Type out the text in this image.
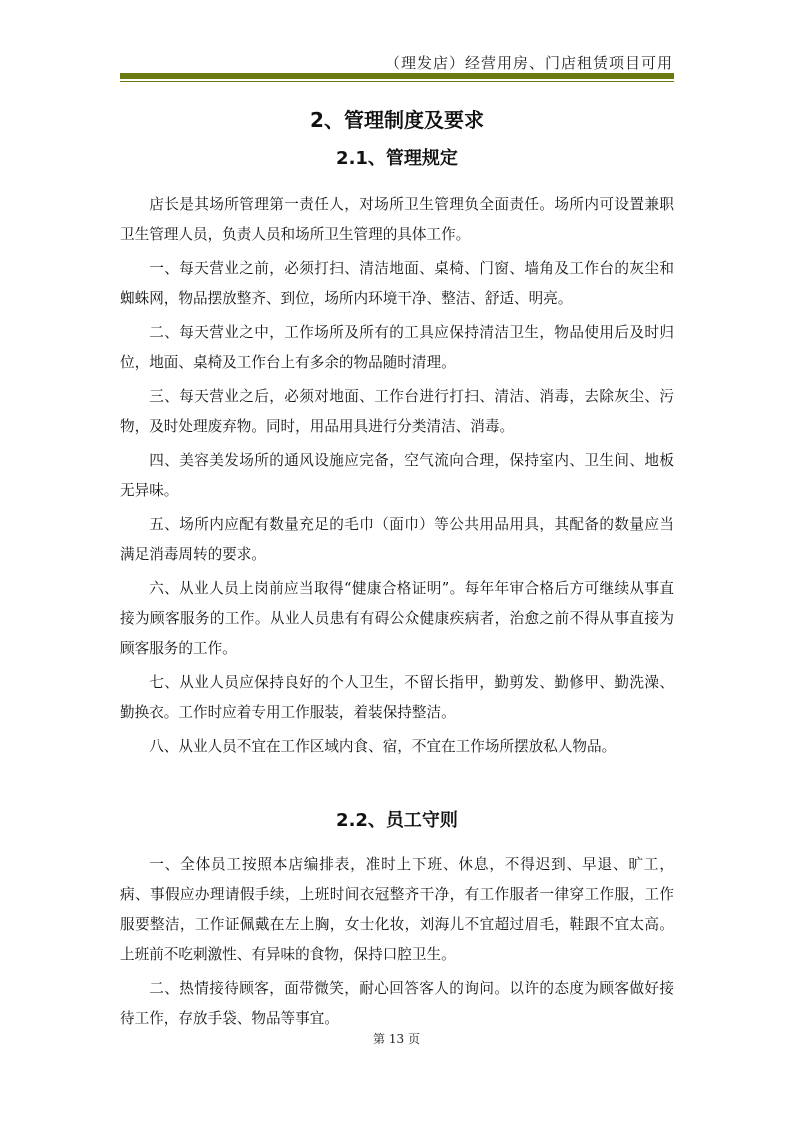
（理发店）经营用房、门店租赁项目可用
2、管理制度及要求
2.1、管理规定

店长是其场所管理第一责任人，对场所卫生管理负全面责任。场所内可设置兼职卫生管理人员，负责人员和场所卫生管理的具体工作。

一、每天营业之前，必须打扫、清洁地面、桌椅、门窗、墙角及工作台的灰尘和蜘蛛网，物品摆放整齐、到位，场所内环境干净、整洁、舒适、明亮。

二、每天营业之中，工作场所及所有的工具应保持清洁卫生，物品使用后及时归位，地面、桌椅及工作台上有多余的物品随时清理。

三、每天营业之后，必须对地面、工作台进行打扫、清洁、消毒，去除灰尘、污物，及时处理废弃物。同时，用品用具进行分类清洁、消毒。

四、美容美发场所的通风设施应完备，空气流向合理，保持室内、卫生间、地板无异味。

五、场所内应配有数量充足的毛巾（面巾）等公共用品用具，其配备的数量应当满足消毒周转的要求。

六、从业人员上岗前应当取得“健康合格证明”。每年年审合格后方可继续从事直接为顾客服务的工作。从业人员患有有碍公众健康疾病者，治愈之前不得从事直接为顾客服务的工作。

七、从业人员应保持良好的个人卫生，不留长指甲，勤剪发、勤修甲、勤洗澡、勤换衣。工作时应着专用工作服装，着装保持整洁。

八、从业人员不宜在工作区域内食、宿，不宜在工作场所摆放私人物品。

2.2、员工守则

一、全体员工按照本店编排表，准时上下班、休息，不得迟到、早退、旷工，病、事假应办理请假手续，上班时间衣冠整齐干净，有工作服者一律穿工作服，工作服要整洁，工作证佩戴在左上胸，女士化妆，刘海儿不宜超过眉毛，鞋跟不宜太高。上班前不吃刺激性、有异味的食物，保持口腔卫生。

二、热情接待顾客，面带微笑，耐心回答客人的询问。以许的态度为顾客做好接待工作，存放手袋、物品等事宜。

第 13 页
